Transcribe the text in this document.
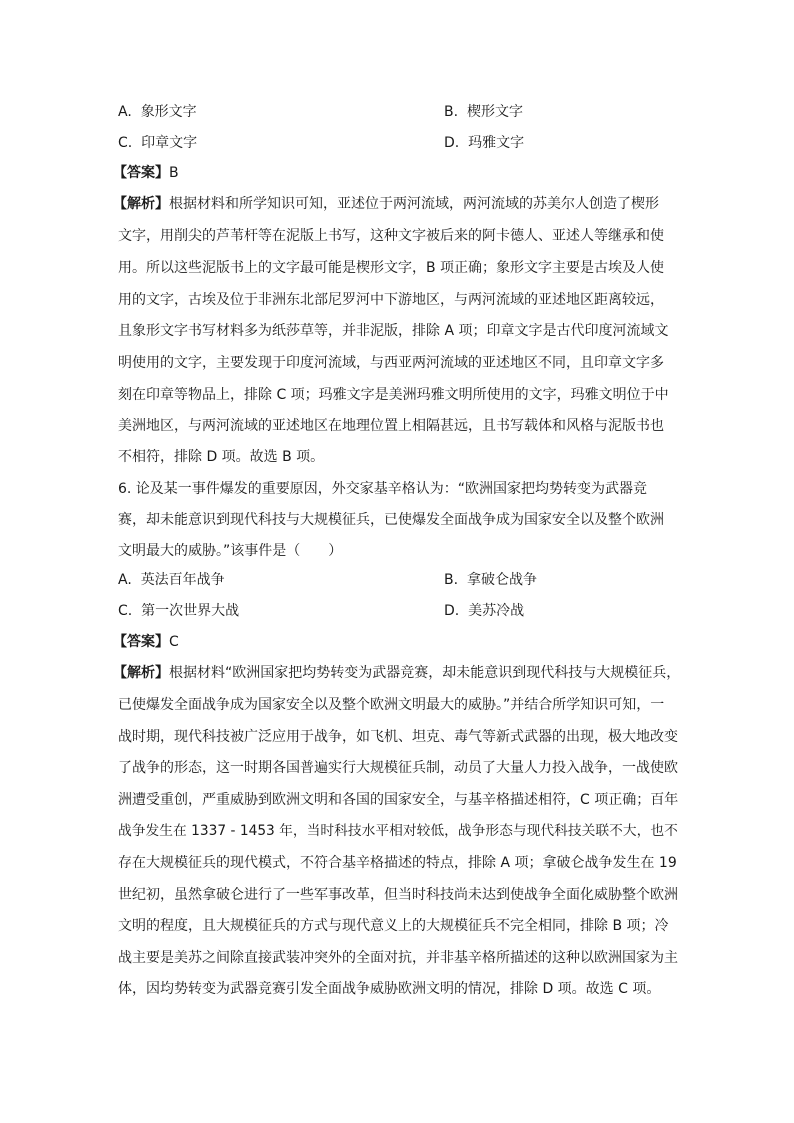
A. 象形文字	B. 楔形文字
C. 印章文字	D. 玛雅文字
【答案】B
【解析】根据材料和所学知识可知，亚述位于两河流域，两河流域的苏美尔人创造了楔形
文字，用削尖的芦苇杆等在泥版上书写，这种文字被后来的阿卡德人、亚述人等继承和使
用。所以这些泥版书上的文字最可能是楔形文字，B 项正确；象形文字主要是古埃及人使
用的文字，古埃及位于非洲东北部尼罗河中下游地区，与两河流域的亚述地区距离较远，
且象形文字书写材料多为纸莎草等，并非泥版，排除 A 项；印章文字是古代印度河流域文
明使用的文字，主要发现于印度河流域，与西亚两河流域的亚述地区不同，且印章文字多
刻在印章等物品上，排除 C 项；玛雅文字是美洲玛雅文明所使用的文字，玛雅文明位于中
美洲地区，与两河流域的亚述地区在地理位置上相隔甚远，且书写载体和风格与泥版书也
不相符，排除 D 项。故选 B 项。
6. 论及某一事件爆发的重要原因，外交家基辛格认为：“欧洲国家把均势转变为武器竞
赛，却未能意识到现代科技与大规模征兵，已使爆发全面战争成为国家安全以及整个欧洲
文明最大的威胁。”该事件是（　　）
A. 英法百年战争	B. 拿破仑战争
C. 第一次世界大战	D. 美苏冷战
【答案】C
【解析】根据材料“欧洲国家把均势转变为武器竞赛，却未能意识到现代科技与大规模征兵，
已使爆发全面战争成为国家安全以及整个欧洲文明最大的威胁。”并结合所学知识可知，一
战时期，现代科技被广泛应用于战争，如飞机、坦克、毒气等新式武器的出现，极大地改变
了战争的形态，这一时期各国普遍实行大规模征兵制，动员了大量人力投入战争，一战使欧
洲遭受重创，严重威胁到欧洲文明和各国的国家安全，与基辛格描述相符，C 项正确；百年
战争发生在 1337 - 1453 年，当时科技水平相对较低，战争形态与现代科技关联不大，也不
存在大规模征兵的现代模式，不符合基辛格描述的特点，排除 A 项；拿破仑战争发生在 19
世纪初，虽然拿破仑进行了一些军事改革，但当时科技尚未达到使战争全面化威胁整个欧洲
文明的程度，且大规模征兵的方式与现代意义上的大规模征兵不完全相同，排除 B 项；冷
战主要是美苏之间除直接武装冲突外的全面对抗，并非基辛格所描述的这种以欧洲国家为主
体，因均势转变为武器竞赛引发全面战争威胁欧洲文明的情况，排除 D 项。故选 C 项。
